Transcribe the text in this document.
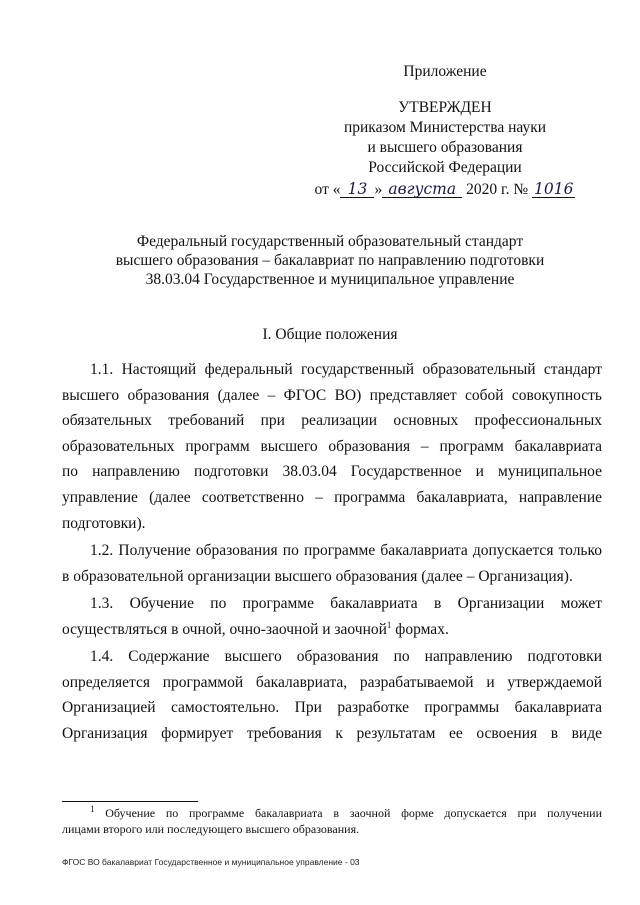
Приложение
УТВЕРЖДЕН
приказом Министерства науки
и высшего образования
Российской Федерации
от « 13 » августа 2020 г. № 1016
Федеральный государственный образовательный стандарт
высшего образования – бакалавриат по направлению подготовки
38.03.04 Государственное и муниципальное управление
I. Общие положения
1.1. Настоящий федеральный государственный образовательный стандарт
высшего образования (далее – ФГОС ВО) представляет собой совокупность
обязательных требований при реализации основных профессиональных
образовательных программ высшего образования – программ бакалавриата
по направлению подготовки 38.03.04 Государственное и муниципальное
управление (далее соответственно – программа бакалавриата, направление
подготовки).
1.2. Получение образования по программе бакалавриата допускается только
в образовательной организации высшего образования (далее – Организация).
1.3. Обучение по программе бакалавриата в Организации может
осуществляться в очной, очно-заочной и заочной$^1$ формах.
1.4. Содержание высшего образования по направлению подготовки
определяется программой бакалавриата, разрабатываемой и утверждаемой
Организацией самостоятельно. При разработке программы бакалавриата
Организация формирует требования к результатам ее освоения в виде
$^1$ Обучение по программе бакалавриата в заочной форме допускается при получении
лицами второго или последующего высшего образования.
ФГОС ВО бакалавриат Государственное и муниципальное управление - 03
